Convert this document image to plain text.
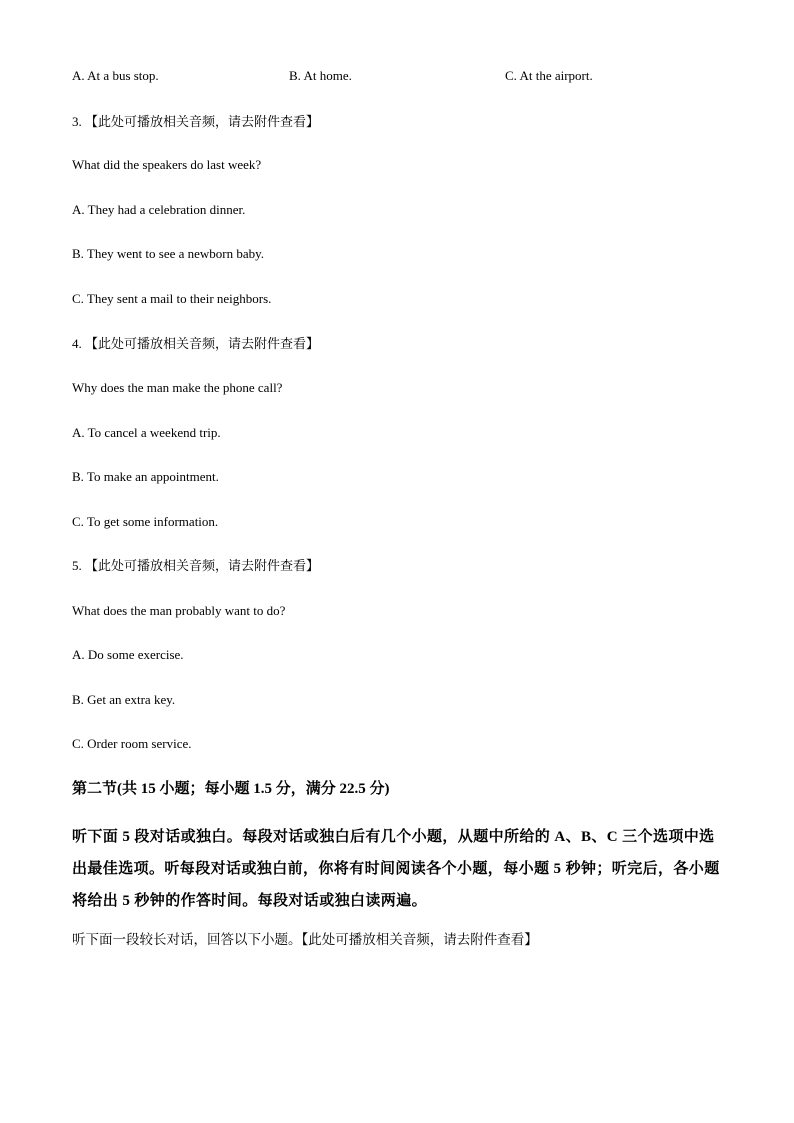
A. At a bus stop.	B. At home.	C. At the airport.
3. 【此处可播放相关音频，请去附件查看】
What did the speakers do last week?
A. They had a celebration dinner.
B. They went to see a newborn baby.
C. They sent a mail to their neighbors.
4. 【此处可播放相关音频，请去附件查看】
Why does the man make the phone call?
A. To cancel a weekend trip.
B. To make an appointment.
C. To get some information.
5. 【此处可播放相关音频，请去附件查看】
What does the man probably want to do?
A. Do some exercise.
B. Get an extra key.
C. Order room service.
第二节(共 15 小题；每小题 1.5 分，满分 22.5 分)
听下面 5 段对话或独白。每段对话或独白后有几个小题，从题中所给的 A、B、C 三个选项中选出最佳选项。听每段对话或独白前，你将有时间阅读各个小题，每小题 5 秒钟；听完后，各小题将给出 5 秒钟的作答时间。每段对话或独白读两遍。
听下面一段较长对话，回答以下小题。【此处可播放相关音频，请去附件查看】
